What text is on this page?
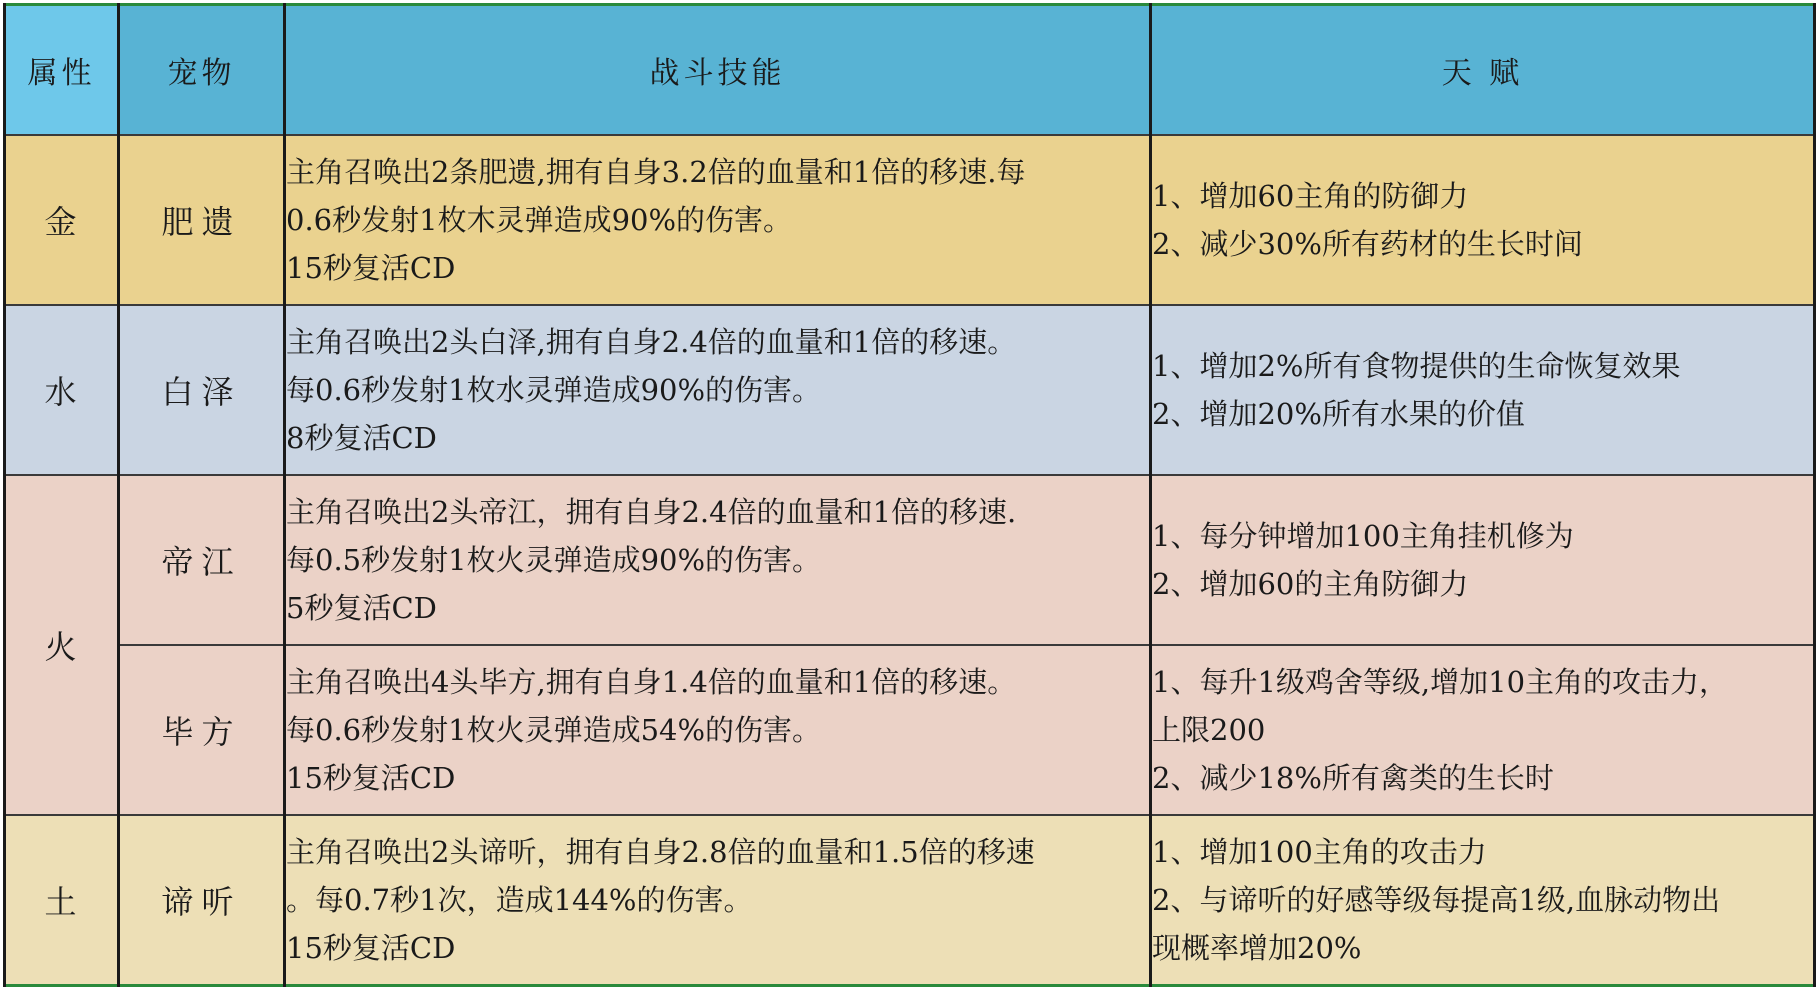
属性	宠物	战斗技能	天 赋
金	肥遗	主角召唤出2条肥遗,拥有自身3.2倍的血量和1倍的移速.每
0.6秒发射1枚木灵弹造成90%的伤害。
15秒复活CD	1、增加60主角的防御力
2、减少30%所有药材的生长时间

水	白泽	主角召唤出2头白泽,拥有自身2.4倍的血量和1倍的移速。
每0.6秒发射1枚水灵弹造成90%的伤害。
8秒复活CD	1、增加2%所有食物提供的生命恢复效果
2、增加20%所有水果的价值

火	帝江	主角召唤出2头帝江，拥有自身2.4倍的血量和1倍的移速.
每0.5秒发射1枚火灵弹造成90%的伤害。
5秒复活CD	1、每分钟增加100主角挂机修为
2、增加60的主角防御力

	毕方	主角召唤出4头毕方,拥有自身1.4倍的血量和1倍的移速。
每0.6秒发射1枚火灵弹造成54%的伤害。
15秒复活CD	1、每升1级鸡舍等级,增加10主角的攻击力，
上限200
2、减少18%所有禽类的生长时

土	谛听	主角召唤出2头谛听，拥有自身2.8倍的血量和1.5倍的移速
。每0.7秒1次，造成144%的伤害。
15秒复活CD	1、增加100主角的攻击力
2、与谛听的好感等级每提高1级,血脉动物出
现概率增加20%
